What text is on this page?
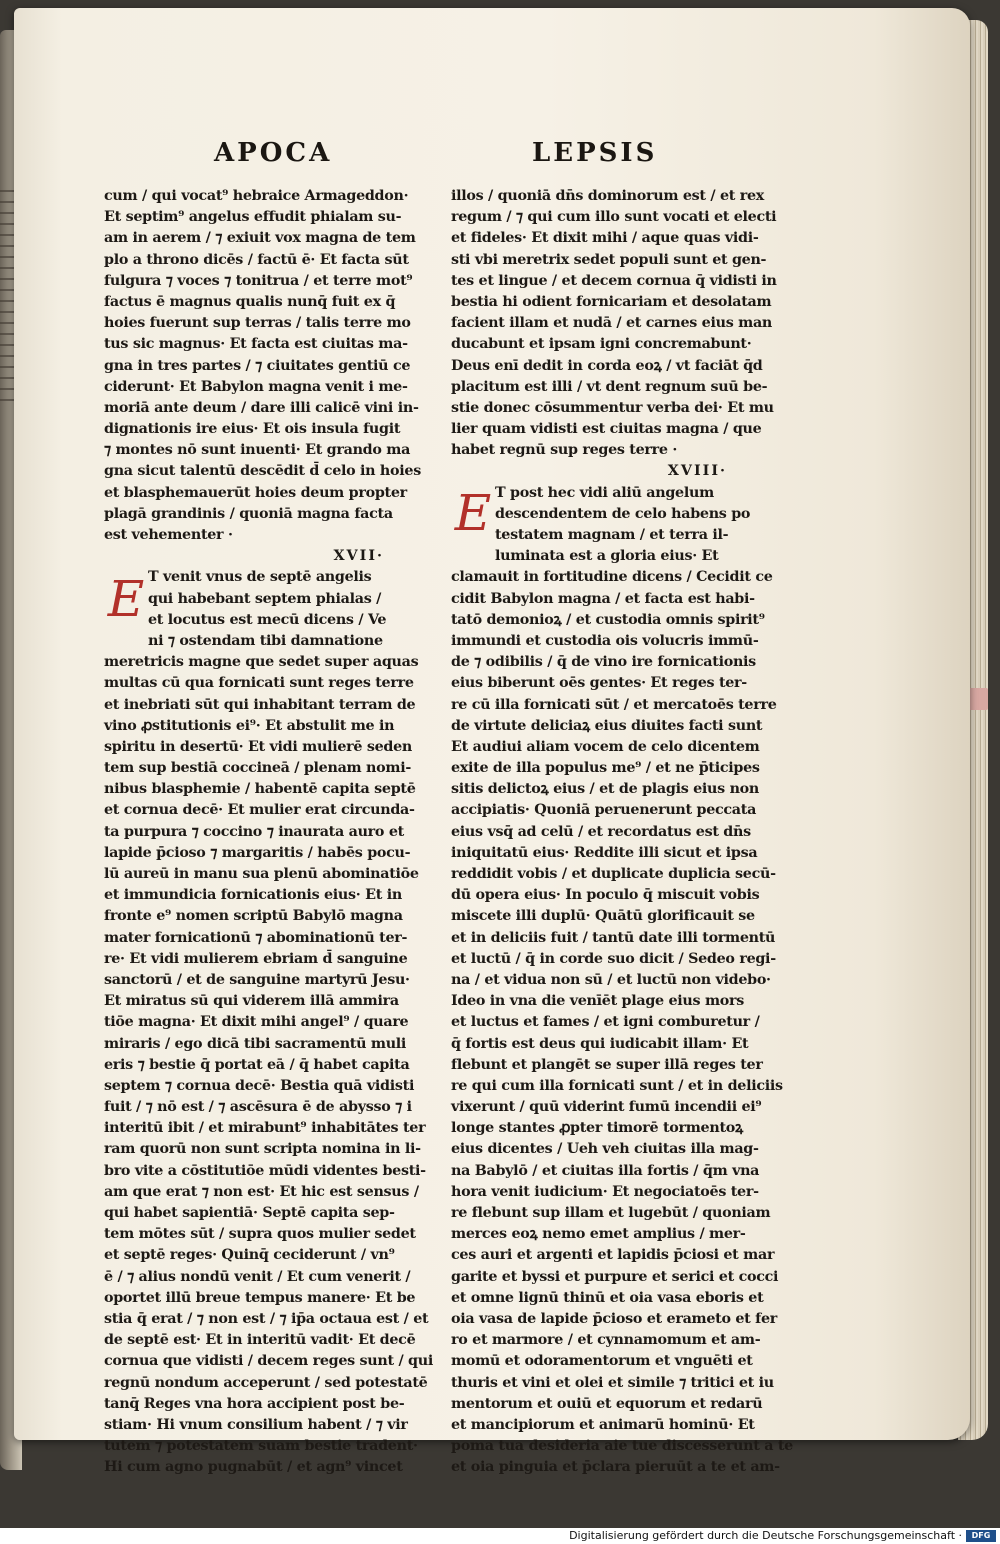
APOCA	LEPSIS
cum / qui vocat⁹ hebraice Armageddon·
Et septim⁹ angelus effudit phialam su-
am in aerem / ⁊ exiuit vox magna de tem
plo a throno dicēs / factū ē· Et facta sūt
fulgura ⁊ voces ⁊ tonitrua / et terre mot⁹
factus ē magnus qualis nunq̄ fuit ex q̄
hoies fuerunt sup terras / talis terre mo
tus sic magnus· Et facta est ciuitas ma-
gna in tres partes / ⁊ ciuitates gentiū ce
ciderunt· Et Babylon magna venit i me-
moriā ante deum / dare illi calicē vini in-
dignationis ire eius· Et ois insula fugit
⁊ montes nō sunt inuenti· Et grando ma
gna sicut talentū descēdit d̄ celo in hoies
et blasphemauerūt hoies deum propter
plagā grandinis / quoniā magna facta
est vehementer ·
XVII·
E T venit vnus de septē angelis
qui habebant septem phialas /
et locutus est mecū dicens / Ve
ni ⁊ ostendam tibi damnatione
meretricis magne que sedet super aquas
multas cū qua fornicati sunt reges terre
et inebriati sūt qui inhabitant terram de
vino ꝓstitutionis ei⁹· Et abstulit me in
spiritu in desertū· Et vidi mulierē seden
tem sup bestiā coccineā / plenam nomi-
nibus blasphemie / habentē capita septē
et cornua decē· Et mulier erat circunda-
ta purpura ⁊ coccino ⁊ inaurata auro et
lapide p̄cioso ⁊ margaritis / habēs pocu-
lū aureū in manu sua plenū abominatiōe
et immundicia fornicationis eius· Et in
fronte e⁹ nomen scriptū Babylō magna
mater fornicationū ⁊ abominationū ter-
re· Et vidi mulierem ebriam d̄ sanguine
sanctorū / et de sanguine martyrū Jesu·
Et miratus sū qui viderem illā ammira
tiōe magna· Et dixit mihi angel⁹ / quare
miraris / ego dicā tibi sacramentū muli
eris ⁊ bestie q̄ portat eā / q̄ habet capita
septem ⁊ cornua decē· Bestia quā vidisti
fuit / ⁊ nō est / ⁊ ascēsura ē de abysso ⁊ i
interitū ibit / et mirabunt⁹ inhabitātes ter
ram quorū non sunt scripta nomina in li-
bro vite a cōstitutiōe mūdi videntes besti-
am que erat ⁊ non est· Et hic est sensus /
qui habet sapientiā· Septē capita sep-
tem mōtes sūt / supra quos mulier sedet
et septē reges· Quinq̄ ceciderunt / vn⁹
ē / ⁊ alius nondū venit / Et cum venerit /
oportet illū breue tempus manere· Et be
stia q̄ erat / ⁊ non est / ⁊ ip̄a octaua est / et
de septē est· Et in interitū vadit· Et decē
cornua que vidisti / decem reges sunt / qui
regnū nondum acceperunt / sed potestatē
tanq̄ Reges vna hora accipient post be-
stiam· Hi vnum consilium habent / ⁊ vir
tutem ⁊ potestatem suam bestie tradent·
Hi cum agno pugnabūt / et agn⁹ vincet
illos / quoniā dn̄s dominorum est / et rex
regum / ⁊ qui cum illo sunt vocati et electi
et fideles· Et dixit mihi / aque quas vidi-
sti vbi meretrix sedet populi sunt et gen-
tes et lingue / et decem cornua q̄ vidisti in
bestia hi odient fornicariam et desolatam
facient illam et nudā / et carnes eius man
ducabunt et ipsam igni concremabunt·
Deus enī dedit in corda eoꝝ / vt faciāt q̄d
placitum est illi / vt dent regnum suū be-
stie donec cōsummentur verba dei· Et mu
lier quam vidisti est ciuitas magna / que
habet regnū sup reges terre ·
XVIII·
E T post hec vidi aliū angelum
descendentem de celo habens po
testatem magnam / et terra il-
luminata est a gloria eius· Et
clamauit in fortitudine dicens / Cecidit ce
cidit Babylon magna / et facta est habi-
tatō demonioꝝ / et custodia omnis spirit⁹
immundi et custodia ois volucris immū-
de ⁊ odibilis / q̄ de vino ire fornicationis
eius biberunt oēs gentes· Et reges ter-
re cū illa fornicati sūt / et mercatoēs terre
de virtute deliciaꝝ eius diuites facti sunt
Et audiui aliam vocem de celo dicentem
exite de illa populus me⁹ / et ne p̄ticipes
sitis delictoꝝ eius / et de plagis eius non
accipiatis· Quoniā peruenerunt peccata
eius vsq̄ ad celū / et recordatus est dn̄s
iniquitatū eius· Reddite illi sicut et ipsa
reddidit vobis / et duplicate duplicia secū-
dū opera eius· In poculo q̄ miscuit vobis
miscete illi duplū· Quātū glorificauit se
et in deliciis fuit / tantū date illi tormentū
et luctū / q̄ in corde suo dicit / Sedeo regi-
na / et vidua non sū / et luctū non videbo·
Ideo in vna die venīēt plage eius mors
et luctus et fames / et igni comburetur /
q̄ fortis est deus qui iudicabit illam· Et
flebunt et plangēt se super illā reges ter
re qui cum illa fornicati sunt / et in deliciis
vixerunt / quū viderint fumū incendii ei⁹
longe stantes ꝓpter timorē tormentoꝝ
eius dicentes / Ueh veh ciuitas illa mag-
na Babylō / et ciuitas illa fortis / q̄m vna
hora venit iudicium· Et negociatoēs ter-
re flebunt sup illam et lugebūt / quoniam
merces eoꝝ nemo emet amplius / mer-
ces auri et argenti et lapidis p̄ciosi et mar
garite et byssi et purpure et serici et cocci
et omne lignū thinū et oia vasa eboris et
oia vasa de lapide p̄cioso et erameto et fer
ro et marmore / et cynnamomum et am-
momū et odoramentorum et vnguēti et
thuris et vini et olei et simile ⁊ tritici et iu
mentorum et ouiū et equorum et redarū
et mancipiorum et animarū hominū· Et
poma tua desideria aie tue discesserunt a te
et oia pinguia et p̄clara pieruūt a te et am-
Digitalisierung gefördert durch die Deutsche Forschungsgemeinschaft ·	DFG
